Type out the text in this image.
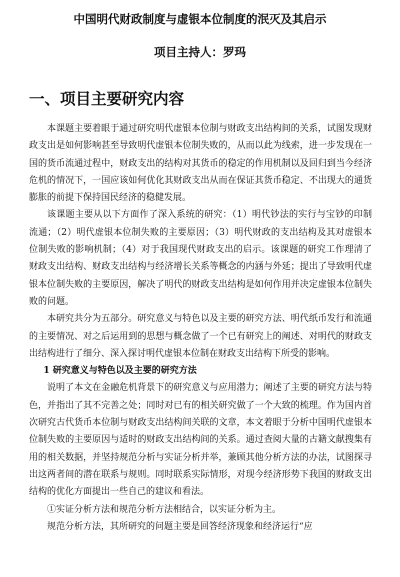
中国明代财政制度与虚银本位制度的泯灭及其启示
项目主持人：罗玛
一、项目主要研究内容

本课题主要着眼于通过研究明代虚银本位制与财政支出结构间的关系，试图发现财政支出是如何影响甚至导致明代虚银本位制失败的，从而以此为线索，进一步发现在一国的货币流通过程中，财政支出的结构对其货币的稳定的作用机制以及回归到当今经济危机的情况下，一国应该如何优化其财政支出从而在保证其货币稳定、不出现大的通货膨胀的前提下保持国民经济的稳健发展。

该课题主要从以下方面作了深入系统的研究：（1）明代钞法的实行与宝钞的印制流通；（2）明代虚银本位制失败的主要原因；（3）明代财政的支出结构及其对虚银本位制失败的影响机制；（4）对于我国现代财政支出的启示。该课题的研究工作理清了财政支出结构、财政支出结构与经济增长关系等概念的内涵与外延；提出了导致明代虚银本位制失败的主要原因，解决了明代的财政支出结构是如何作用并决定虚银本位制失败的问题。

本研究共分为五部分。研究意义与特色以及主要的研究方法、明代纸币发行和流通的主要情况、对之后运用到的思想与概念做了一个已有研究上的阐述、对明代的财政支出结构进行了细分、深入探讨明代虚银本位制在财政支出结构下所受的影响。

1 研究意义与特色以及主要的研究方法

说明了本文在金融危机背景下的研究意义与应用潜力；阐述了主要的研究方法与特色，并指出了其不完善之处；同时对已有的相关研究做了一个大致的梳理。作为国内首次研究古代货币本位制与财政支出结构间关联的文章，本文着眼于分析中国明代虚银本位制失败的主要原因与适时的财政支出结构间的关系。通过查阅大量的古籍文献搜集有用的相关数据，并坚持规范分析与实证分析并举，兼顾其他分析方法的办法，试图探寻出这两者间的潜在联系与规则。同时联系实际情形，对现今经济形势下我国的财政支出结构的优化方面提出一些自己的建议和看法。

①实证分析方法和规范分析方法相结合，以实证分析为主。

规范分析方法，其所研究的问题主要是回答经济现象和经济运行“应
